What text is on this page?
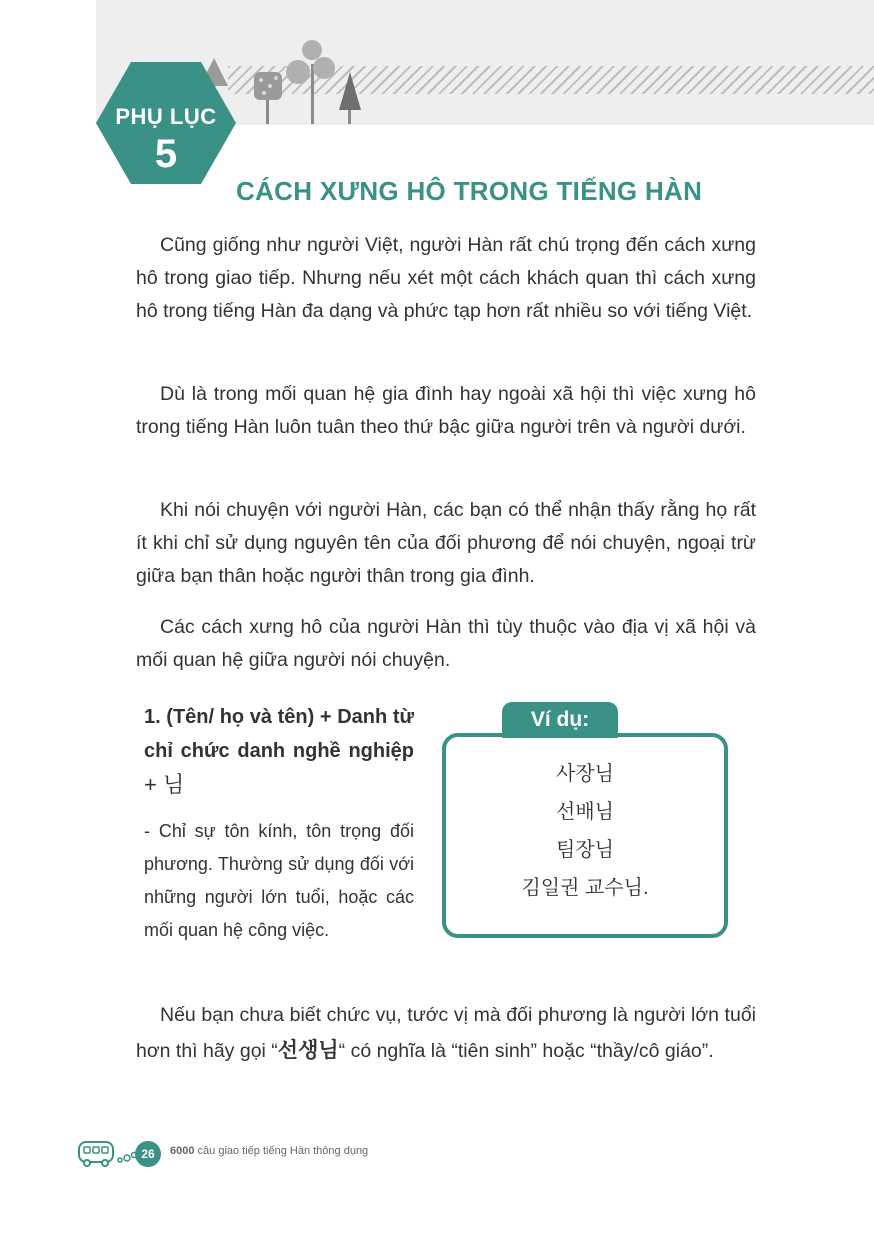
PHỤ LỤC
5
CÁCH XƯNG HÔ TRONG TIẾNG HÀN

Cũng giống như người Việt, người Hàn rất chú trọng đến cách xưng hô trong giao tiếp. Nhưng nếu xét một cách khách quan thì cách xưng hô trong tiếng Hàn đa dạng và phức tạp hơn rất nhiều so với tiếng Việt.

Dù là trong mối quan hệ gia đình hay ngoài xã hội thì việc xưng hô trong tiếng Hàn luôn tuân theo thứ bậc giữa người trên và người dưới.

Khi nói chuyện với người Hàn, các bạn có thể nhận thấy rằng họ rất ít khi chỉ sử dụng nguyên tên của đối phương để nói chuyện, ngoại trừ giữa bạn thân hoặc người thân trong gia đình.

Các cách xưng hô của người Hàn thì tùy thuộc vào địa vị xã hội và mối quan hệ giữa người nói chuyện.

1. (Tên/ họ và tên) + Danh từ chỉ chức danh nghề nghiệp + 님

- Chỉ sự tôn kính, tôn trọng đối phương. Thường sử dụng đối với những người lớn tuổi, hoặc các mối quan hệ công việc.

Ví dụ:
사장님
선배님
팀장님
김일권 교수님.

Nếu bạn chưa biết chức vụ, tước vị mà đối phương là người lớn tuổi hơn thì hãy gọi “선생님“ có nghĩa là “tiên sinh” hoặc “thầy/cô giáo”.

26	6000 câu giao tiếp tiếng Hàn thông dụng
